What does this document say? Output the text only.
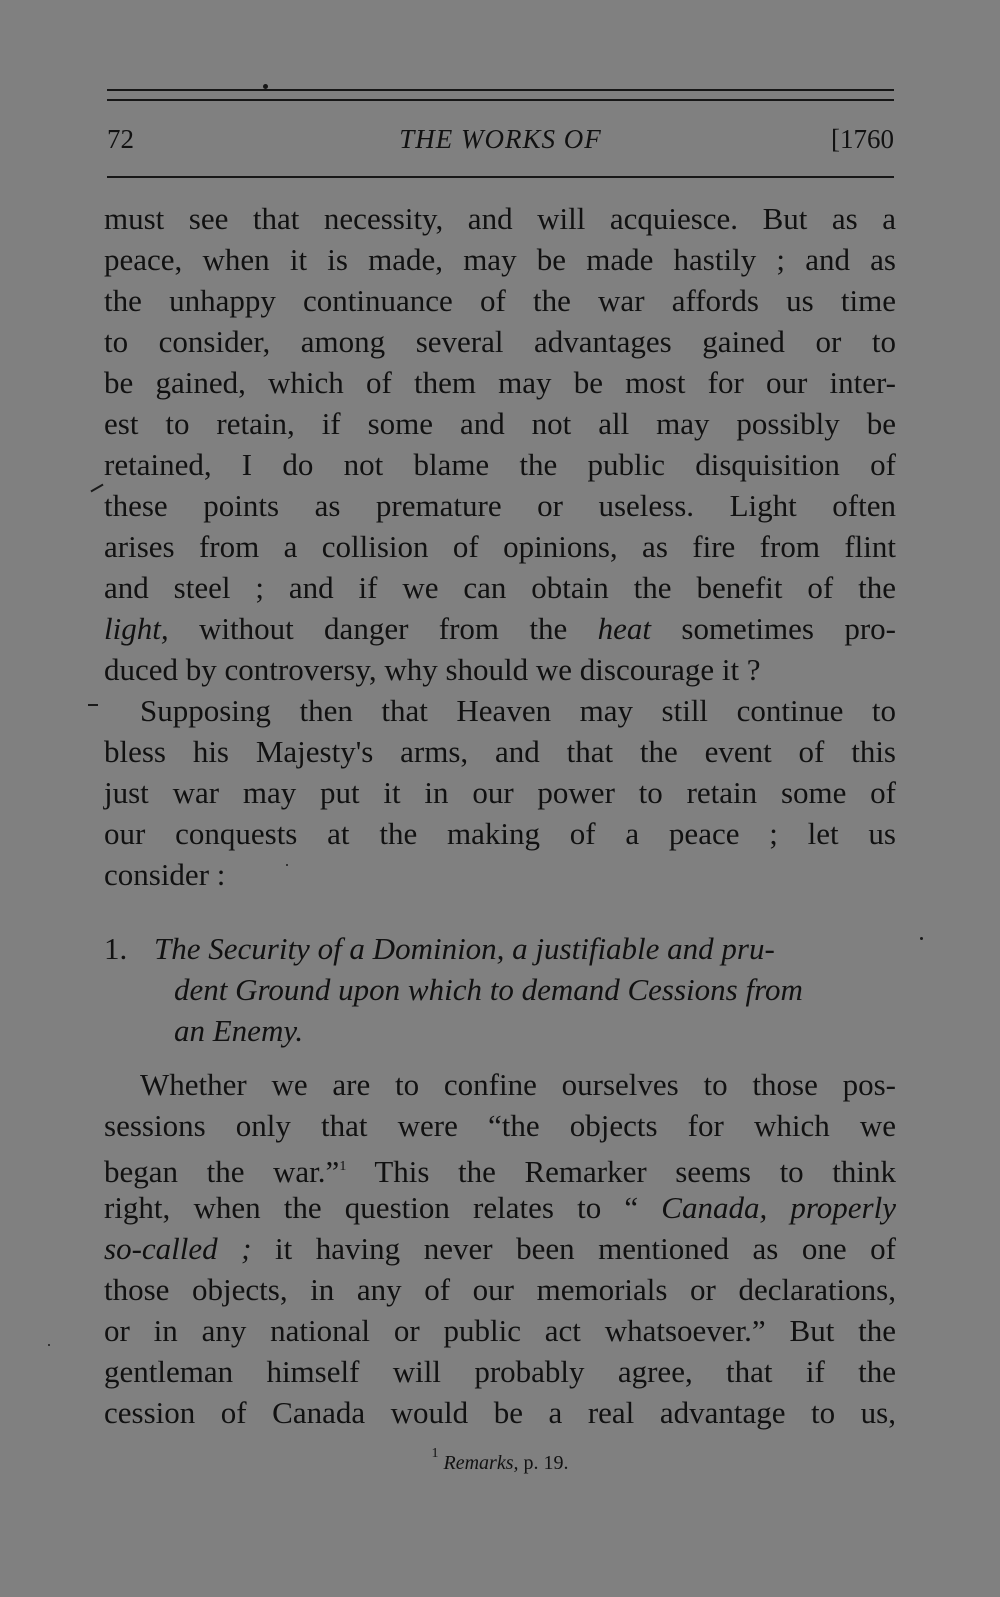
72	THE WORKS OF	[1760
must see that necessity, and will acquiesce. But as a
peace, when it is made, may be made hastily ; and as
the unhappy continuance of the war affords us time
to consider, among several advantages gained or to
be gained, which of them may be most for our inter-
est to retain, if some and not all may possibly be
retained, I do not blame the public disquisition of
these points as premature or useless. Light often
arises from a collision of opinions, as fire from flint
and steel ; and if we can obtain the benefit of the
light, without danger from the heat sometimes pro-
duced by controversy, why should we discourage it ?
Supposing then that Heaven may still continue to
bless his Majesty's arms, and that the event of this
just war may put it in our power to retain some of
our conquests at the making of a peace ; let us
consider :
1. The Security of a Dominion, a justifiable and pru-
dent Ground upon which to demand Cessions from
an Enemy.
Whether we are to confine ourselves to those pos-
sessions only that were “the objects for which we
began the war.”$^1$ This the Remarker seems to think
right, when the question relates to “ Canada, properly
so-called ; it having never been mentioned as one of
those objects, in any of our memorials or declarations,
or in any national or public act whatsoever.” But the
gentleman himself will probably agree, that if the
cession of Canada would be a real advantage to us,
$^1$ Remarks, p. 19.
